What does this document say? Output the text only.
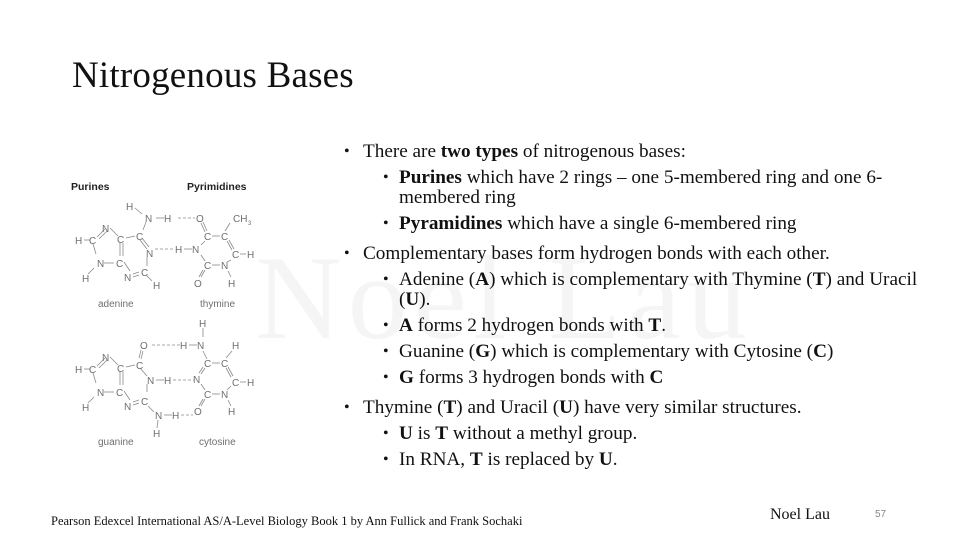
Nitrogenous Bases
Purines	Pyrimidines
H
N H
N
H C C C
N
N C
N C
H
H
H
O	CH 3
C C
N	C H
C N
O	H
adenine	thymine
O	H
N
H C C C
N H
N C
N C
H
N H
H
H
N	H
C C
N	C H
C N
O	H
guanine	cytosine
• There are two types of nitrogenous bases:
• Purines which have 2 rings – one 5-membered ring and one 6-membered ring
• Pyramidines which have a single 6-membered ring
• Complementary bases form hydrogen bonds with each other.
• Adenine (A) which is complementary with Thymine (T) and Uracil (U).
• A forms 2 hydrogen bonds with T.
• Guanine (G) which is complementary with Cytosine (C)
• G forms 3 hydrogen bonds with C
• Thymine (T) and Uracil (U) have very similar structures.
• U is T without a methyl group.
• In RNA, T is replaced by U.
Pearson Edexcel International AS/A-Level Biology Book 1 by Ann Fullick and Frank Sochaki	Noel Lau	57
